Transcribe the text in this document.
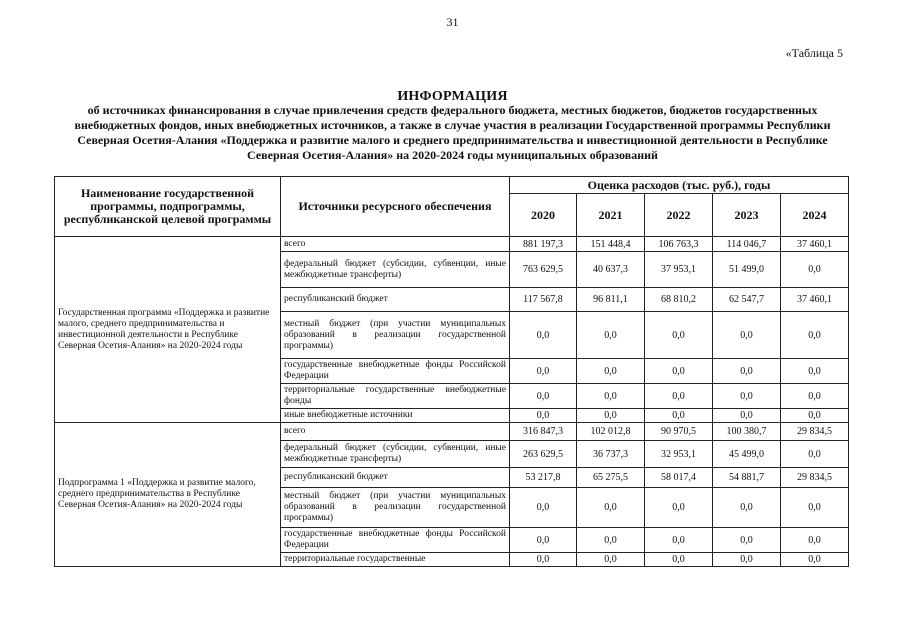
31
«Таблица 5
ИНФОРМАЦИЯ
об источниках финансирования в случае привлечения средств федерального бюджета, местных бюджетов, бюджетов государственных внебюджетных фондов, иных внебюджетных источников, а также в случае участия в реализации Государственной программы Республики Северная Осетия-Алания «Поддержка и развитие малого и среднего предпринимательства и инвестиционной деятельности в Республике Северная Осетия-Алания» на 2020-2024 годы муниципальных образований
Наименование государственной программы, подпрограммы, республиканской целевой программы	Источники ресурсного обеспечения	Оценка расходов (тыс. руб.), годы				
		2020	2021	2022	2023	2024
Государственная программа «Поддержка и развитие малого, среднего предпринимательства и инвестиционной деятельности в Республике Северная Осетия-Алания» на 2020-2024 годы	всего	881 197,3	151 448,4	106 763,3	114 046,7	37 460,1
	федеральный бюджет (субсидии, субвенции, иные межбюджетные трансферты)	763 629,5	40 637,3	37 953,1	51 499,0	0,0
	республиканский бюджет	117 567,8	96 811,1	68 810,2	62 547,7	37 460,1
	местный бюджет (при участии муниципальных образований в реализации государственной программы)	0,0	0,0	0,0	0,0	0,0
	государственные внебюджетные фонды Российской Федерации	0,0	0,0	0,0	0,0	0,0
	территориальные государственные внебюджетные фонды	0,0	0,0	0,0	0,0	0,0
	иные внебюджетные источники	0,0	0,0	0,0	0,0	0,0
Подпрограмма 1 «Поддержка и развитие малого, среднего предпринимательства в Республике Северная Осетия-Алания» на 2020-2024 годы	всего	316 847,3	102 012,8	90 970,5	100 380,7	29 834,5
	федеральный бюджет (субсидии, субвенции, иные межбюджетные трансферты)	263 629,5	36 737,3	32 953,1	45 499,0	0,0
	республиканский бюджет	53 217,8	65 275,5	58 017,4	54 881,7	29 834,5
	местный бюджет (при участии муниципальных образований в реализации государственной программы)	0,0	0,0	0,0	0,0	0,0
	государственные внебюджетные фонды Российской Федерации	0,0	0,0	0,0	0,0	0,0
	территориальные государственные	0,0	0,0	0,0	0,0	0,0
